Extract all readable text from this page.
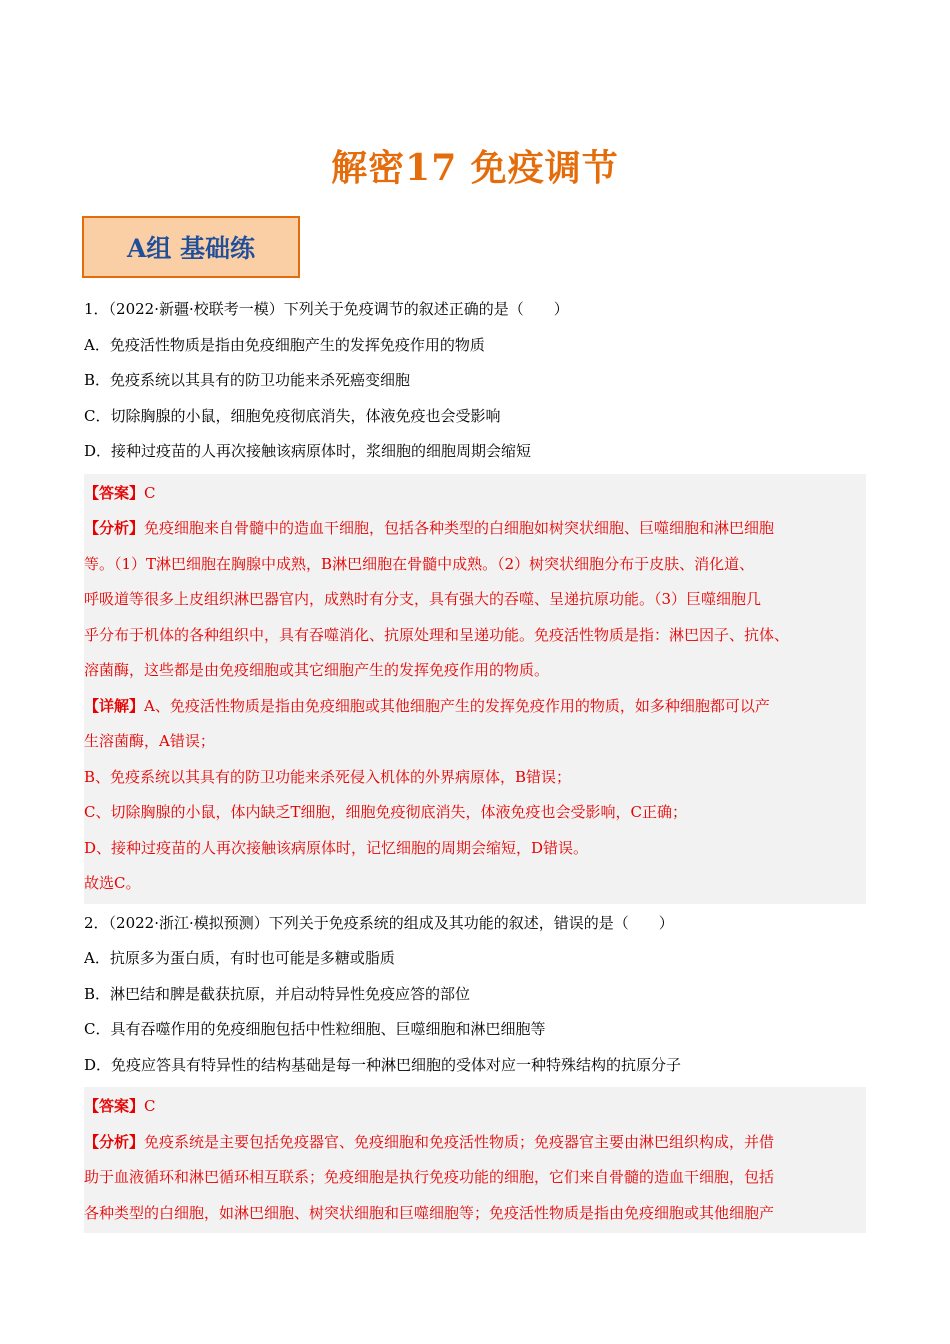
解密17 免疫调节
A组 基础练
1．（2022·新疆·校联考一模）下列关于免疫调节的叙述正确的是（　　）
A．免疫活性物质是指由免疫细胞产生的发挥免疫作用的物质
B．免疫系统以其具有的防卫功能来杀死癌变细胞
C．切除胸腺的小鼠，细胞免疫彻底消失，体液免疫也会受影响
D．接种过疫苗的人再次接触该病原体时，浆细胞的细胞周期会缩短
【答案】C
【分析】免疫细胞来自骨髓中的造血干细胞，包括各种类型的白细胞如树突状细胞、巨噬细胞和淋巴细胞
等。（1）T淋巴细胞在胸腺中成熟，B淋巴细胞在骨髓中成熟。（2）树突状细胞分布于皮肤、消化道、
呼吸道等很多上皮组织淋巴器官内，成熟时有分支，具有强大的吞噬、呈递抗原功能。（3）巨噬细胞几
乎分布于机体的各种组织中，具有吞噬消化、抗原处理和呈递功能。免疫活性物质是指：淋巴因子、抗体、
溶菌酶，这些都是由免疫细胞或其它细胞产生的发挥免疫作用的物质。
【详解】A、免疫活性物质是指由免疫细胞或其他细胞产生的发挥免疫作用的物质，如多种细胞都可以产
生溶菌酶，A错误；
B、免疫系统以其具有的防卫功能来杀死侵入机体的外界病原体，B错误；
C、切除胸腺的小鼠，体内缺乏T细胞，细胞免疫彻底消失，体液免疫也会受影响，C正确；
D、接种过疫苗的人再次接触该病原体时，记忆细胞的周期会缩短，D错误。
故选C。
2．（2022·浙江·模拟预测）下列关于免疫系统的组成及其功能的叙述，错误的是（　　）
A．抗原多为蛋白质，有时也可能是多糖或脂质
B．淋巴结和脾是截获抗原，并启动特异性免疫应答的部位
C．具有吞噬作用的免疫细胞包括中性粒细胞、巨噬细胞和淋巴细胞等
D．免疫应答具有特异性的结构基础是每一种淋巴细胞的受体对应一种特殊结构的抗原分子
【答案】C
【分析】免疫系统是主要包括免疫器官、免疫细胞和免疫活性物质；免疫器官主要由淋巴组织构成，并借
助于血液循环和淋巴循环相互联系；免疫细胞是执行免疫功能的细胞，它们来自骨髓的造血干细胞，包括
各种类型的白细胞，如淋巴细胞、树突状细胞和巨噬细胞等；免疫活性物质是指由免疫细胞或其他细胞产
